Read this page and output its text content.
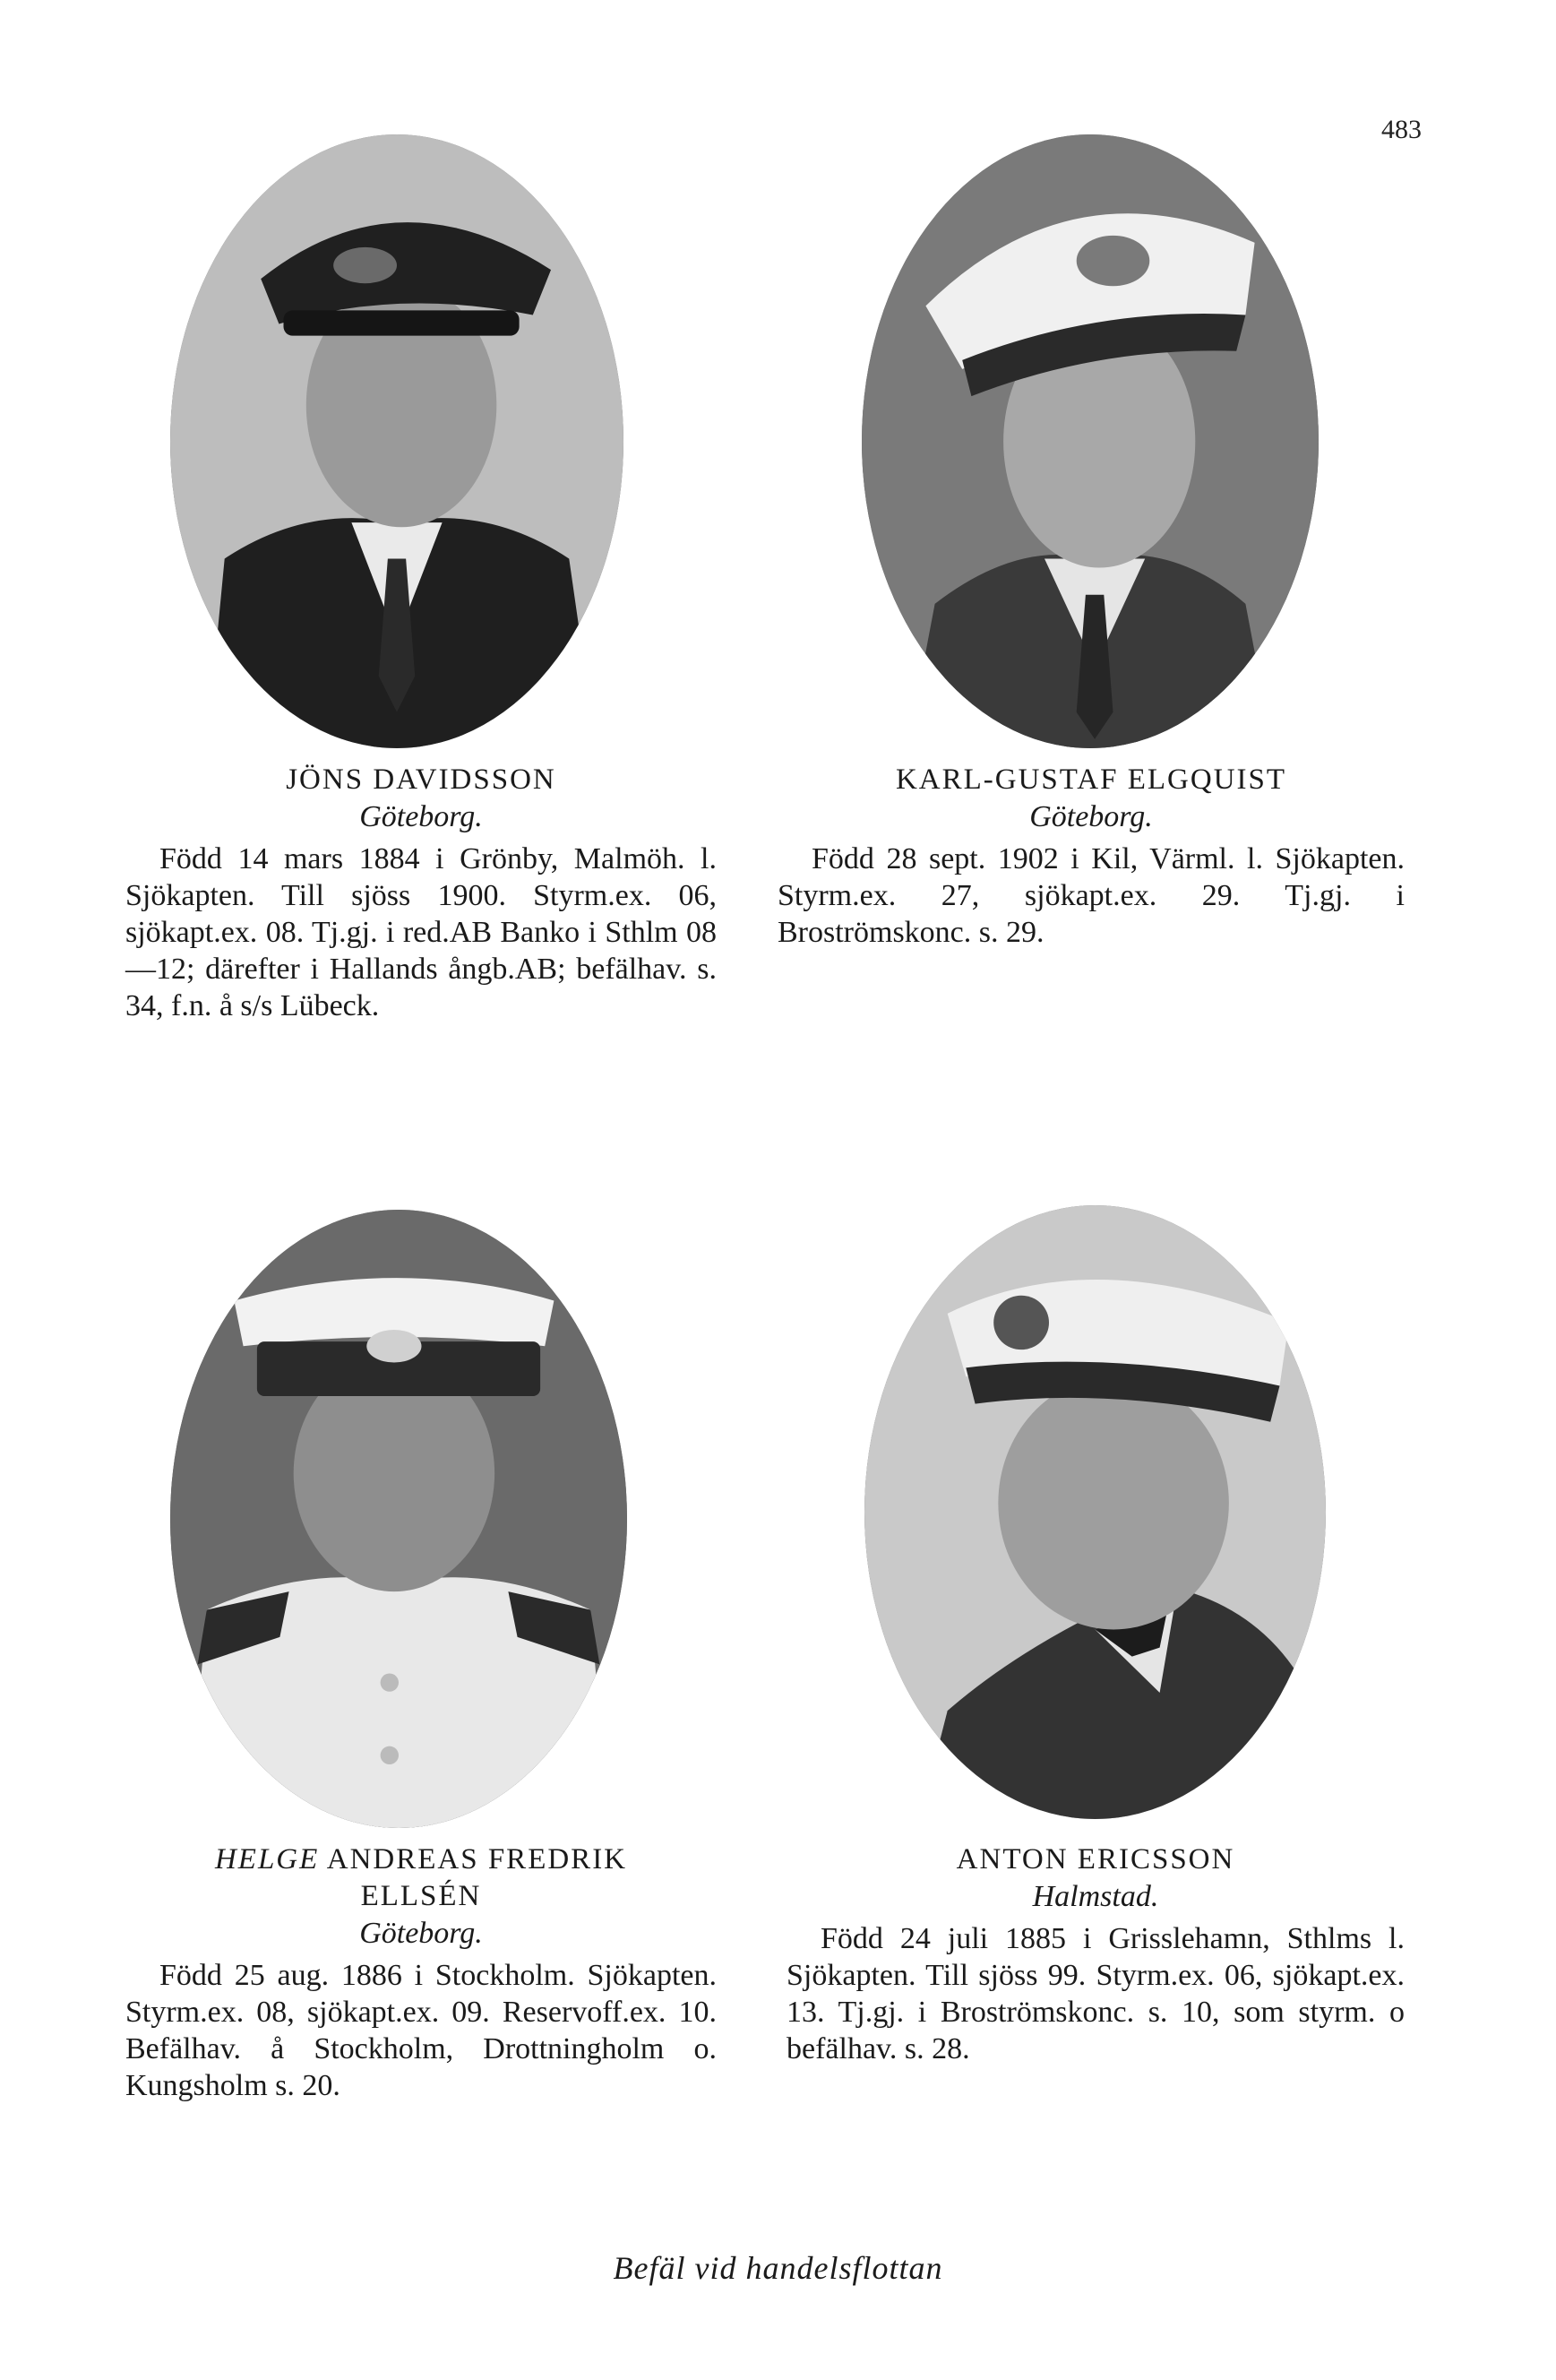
483
JÖNS DAVIDSSON
Göteborg.
Född 14 mars 1884 i Grönby, Malmöh. l. Sjökapten. Till sjöss 1900. Styrm.ex. 06, sjökapt.ex. 08. Tj.gj. i red.AB Banko i Sthlm 08—12; därefter i Hallands ångb.AB; befälhav. s. 34, f.n. å s/s Lübeck.
KARL-GUSTAF ELGQUIST
Göteborg.
Född 28 sept. 1902 i Kil, Värml. l. Sjökapten. Styrm.ex. 27, sjökapt.ex. 29. Tj.gj. i Broströmskonc. s. 29.
HELGE ANDREAS FREDRIK
ELLSÉN
Göteborg.
Född 25 aug. 1886 i Stockholm. Sjökapten. Styrm.ex. 08, sjökapt.ex. 09. Reservoff.ex. 10. Befälhav. å Stockholm, Drottningholm o. Kungsholm s. 20.
ANTON ERICSSON
Halmstad.
Född 24 juli 1885 i Grisslehamn, Sthlms l. Sjökapten. Till sjöss 99. Styrm.ex. 06, sjökapt.ex. 13. Tj.gj. i Broströmskonc. s. 10, som styrm. o befälhav. s. 28.
Befäl vid handelsflottan
